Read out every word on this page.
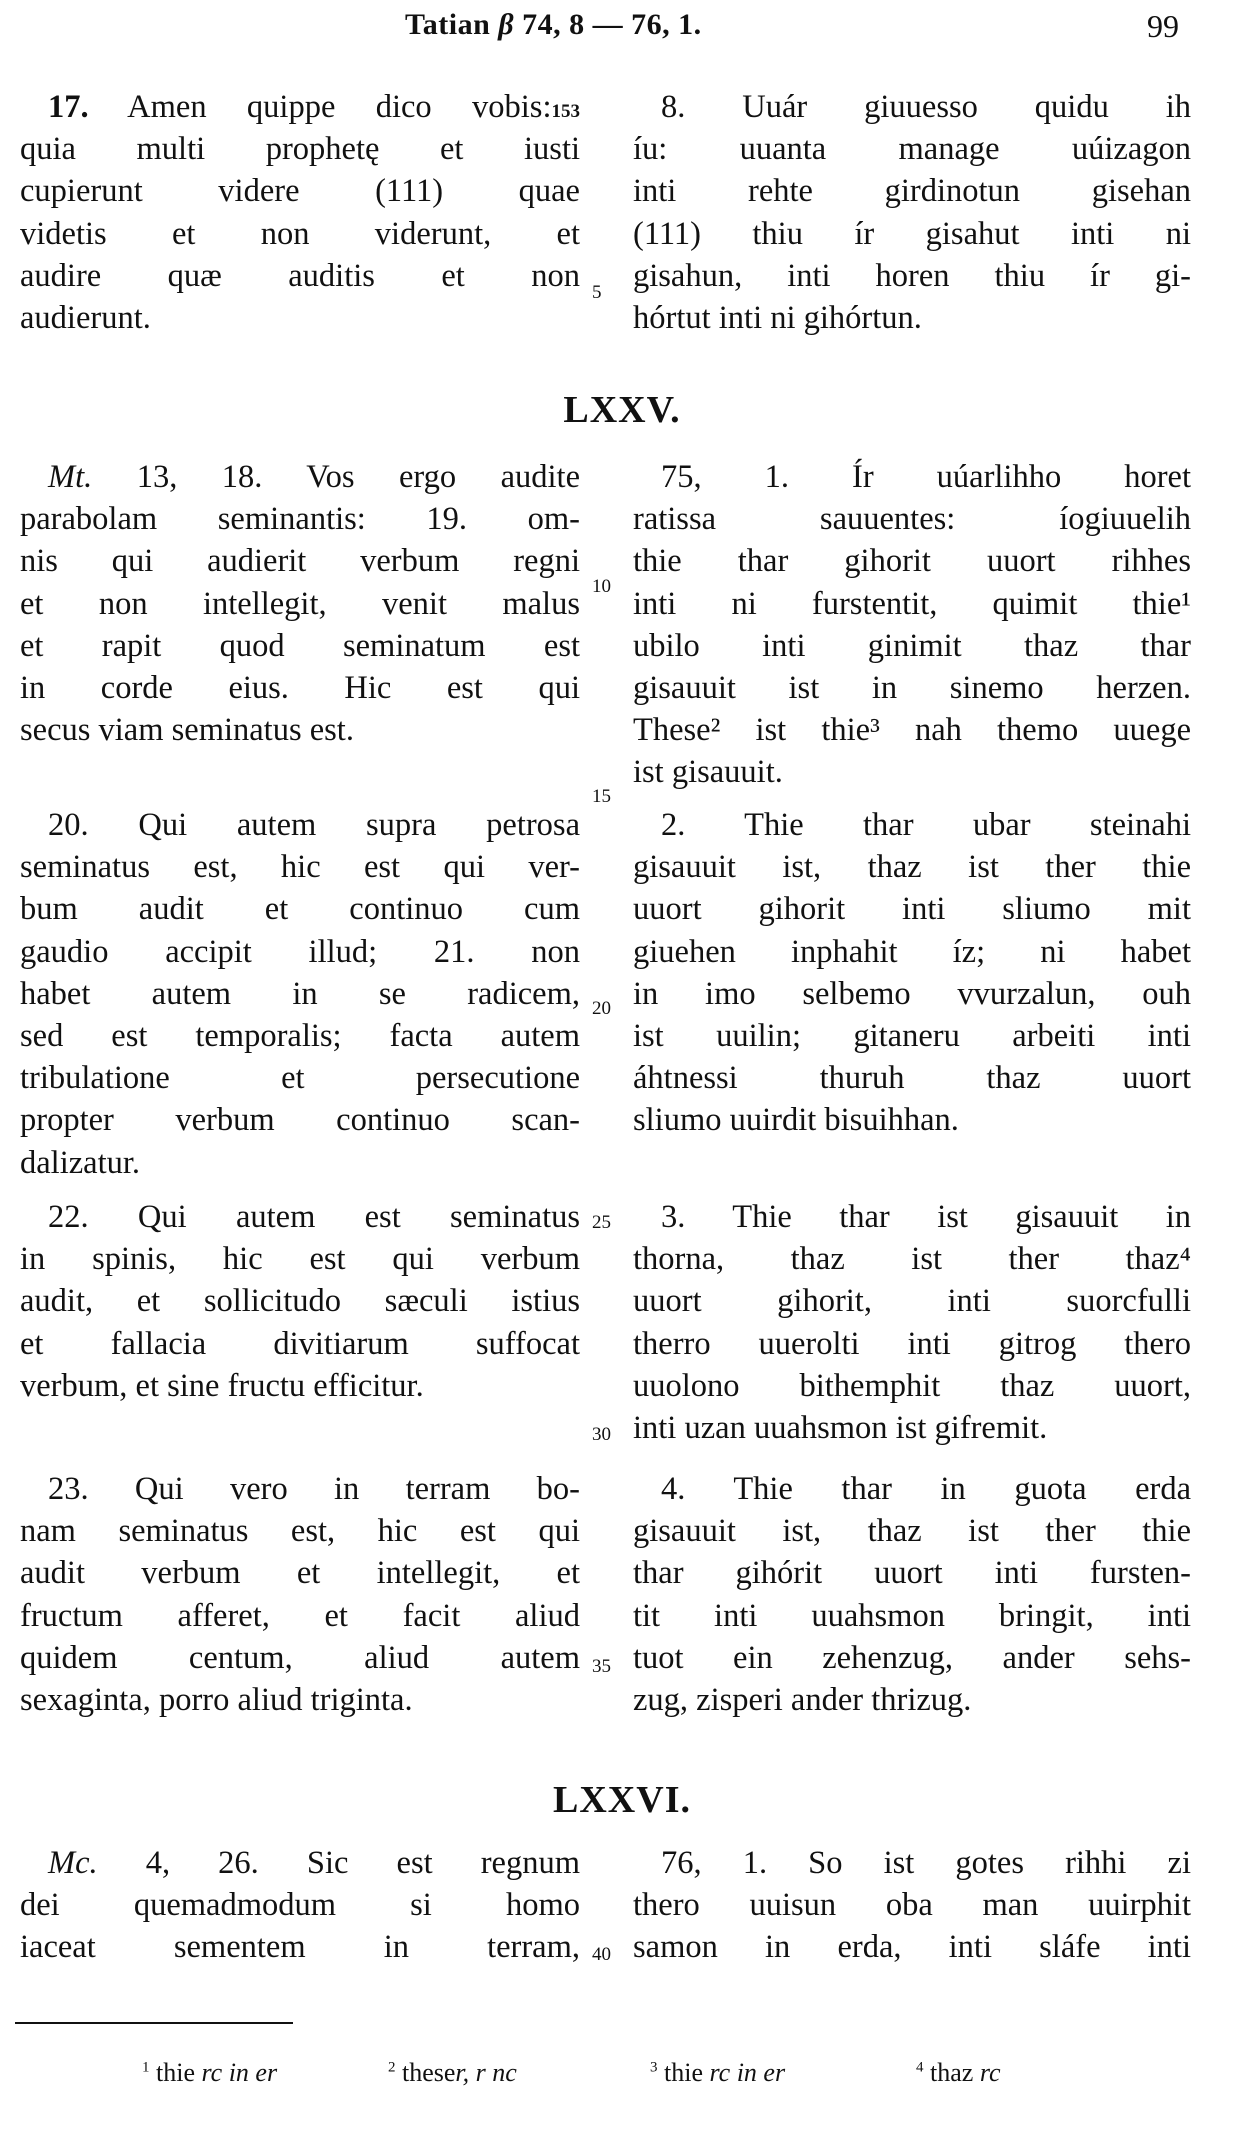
Tatian β 74, 8 — 76, 1.	99
17. Amen quippe dico vobis:153
quia multi prophetę et iusti
cupierunt videre (111) quae
videtis et non viderunt, et
audire quæ auditis et non
audierunt.
8. Uuár giuuesso quidu ih
íu: uuanta manage uúizagon
inti rehte girdinotun gisehan
(111) thiu ír gisahut inti ni
gisahun, inti horen thiu ír gi-
hórtut inti ni gihórtun.
LXXV.
Mt. 13, 18. Vos ergo audite
parabolam seminantis: 19. om-
nis qui audierit verbum regni
et non intellegit, venit malus
et rapit quod seminatum est
in corde eius. Hic est qui
secus viam seminatus est.
75, 1. Ír uúarlihho horet
ratissa sauuentes: íogiuuelih
thie thar gihorit uuort rihhes
inti ni furstentit, quimit thie¹
ubilo inti ginimit thaz thar
gisauuit ist in sinemo herzen.
These² ist thie³ nah themo uuege
ist gisauuit.
20. Qui autem supra petrosa
seminatus est, hic est qui ver-
bum audit et continuo cum
gaudio accipit illud; 21. non
habet autem in se radicem,
sed est temporalis; facta autem
tribulatione et persecutione
propter verbum continuo scan-
dalizatur.
2. Thie thar ubar steinahi
gisauuit ist, thaz ist ther thie
uuort gihorit inti sliumo mit
giuehen inphahit íz; ni habet
in imo selbemo vvurzalun, ouh
ist uuilin; gitaneru arbeiti inti
áhtnessi thuruh thaz uuort
sliumo uuirdit bisuihhan.
22. Qui autem est seminatus
in spinis, hic est qui verbum
audit, et sollicitudo sæculi istius
et fallacia divitiarum suffocat
verbum, et sine fructu efficitur.
3. Thie thar ist gisauuit in
thorna, thaz ist ther thaz⁴
uuort gihorit, inti suorcfulli
therro uuerolti inti gitrog thero
uuolono bithemphit thaz uuort,
inti uzan uuahsmon ist gifremit.
23. Qui vero in terram bo-
nam seminatus est, hic est qui
audit verbum et intellegit, et
fructum afferet, et facit aliud
quidem centum, aliud autem
sexaginta, porro aliud triginta.
4. Thie thar in guota erda
gisauuit ist, thaz ist ther thie
thar gihórit uuort inti fursten-
tit inti uuahsmon bringit, inti
tuot ein zehenzug, ander sehs-
zug, zisperi ander thrizug.
LXXVI.
Mc. 4, 26. Sic est regnum
dei quemadmodum si homo
iaceat sementem in terram,
76, 1. So ist gotes rihhi zi
thero uuisun oba man uuirphit
samon in erda, inti sláfe inti
5
10
15
20
25
30
35
40
$^1$ thie rc in er	$^2$ theser, r nc	$^3$ thie rc in er	$^4$ thaz rc
